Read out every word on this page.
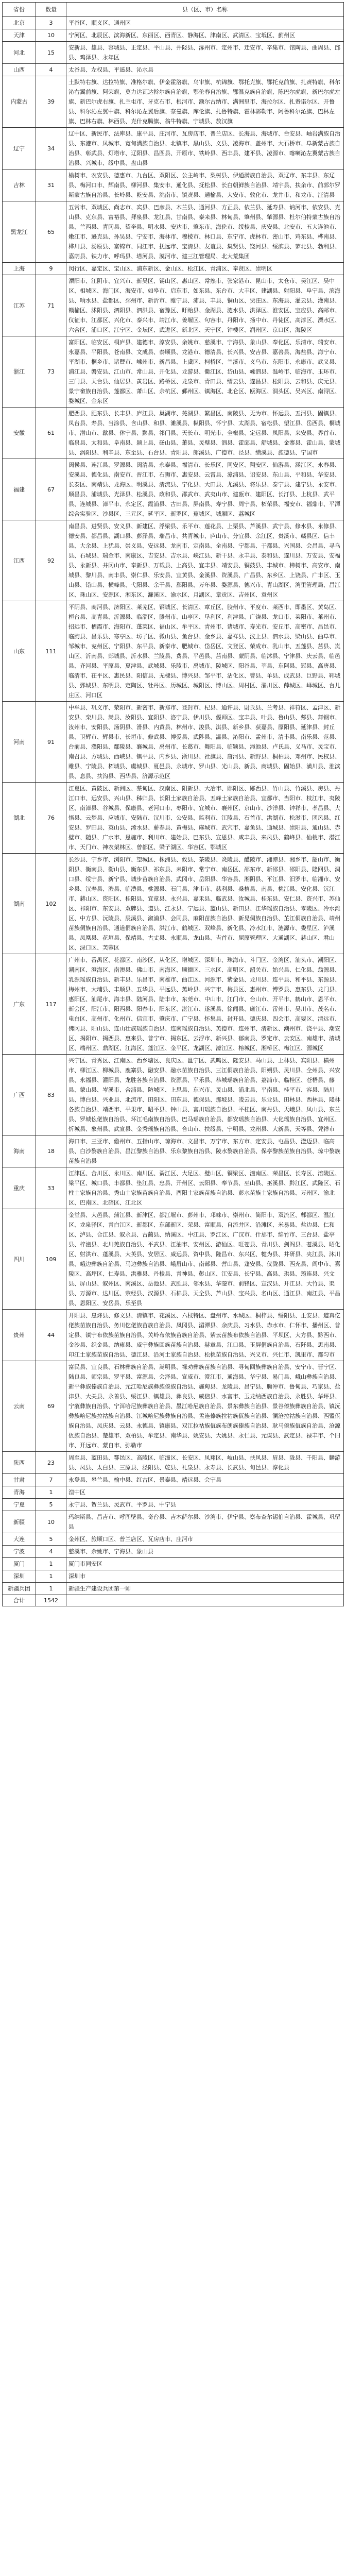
省份	数量	县（区、市）名称
北京	3	平谷区、顺义区、通州区
天津	10	宁河区、北辰区、滨海新区、东丽区、西青区、静海区、津南区、武清区、宝坻区、蓟州区
河北	15	安新县、雄县、容城县、正定县、平山县、井陉县、涿州市、定州市、迁安市、辛集市、馆陶县、曲周县、邱县、鸡泽县、永年区
山西	4	太谷县、左权县、平遥县、沁水县
内蒙古	39	土默特右旗、达拉特旗、准格尔旗、伊金霍洛旗、乌审旗、杭锦旗、鄂托克旗、鄂托克前旗、扎赉特旗、科尔沁右翼前旗、阿荣旗、莫力达瓦达斡尔族自治旗、鄂伦春自治旗、鄂温克族自治旗、陈巴尔虎旗、新巴尔虎左旗、新巴尔虎右旗、扎兰屯市、牙克石市、根河市、额尔古纳市、满洲里市、海拉尔区、扎赉诺尔区、开鲁县、科尔沁左翼中旗、科尔沁左翼后旗、奈曼旗、库伦旗、扎鲁特旗、霍林郭勒市、阿鲁科尔沁旗、巴林左旗、巴林右旗、林西县、克什克腾旗、翁牛特旗、宁城县、敖汉旗
辽宁	34	辽中区、新民市、法库县、康平县、庄河市、瓦房店市、普兰店区、长海县、海城市、台安县、岫岩满族自治县、东港市、凤城市、宽甸满族自治县、北镇市、黑山县、义县、凌海市、盖州市、大石桥市、阜新蒙古族自治县、彰武县、灯塔市、辽阳县、昌图县、开原市、铁岭县、西丰县、建平县、凌源市、喀喇沁左翼蒙古族自治县、兴城市、绥中县、盘山县
吉林	31	榆树市、农安县、德惠市、九台区、双阳区、公主岭市、梨树县、伊通满族自治县、双辽市、东丰县、东辽县、梅河口市、辉南县、柳河县、集安市、通化县、抚松县、长白朝鲜族自治县、靖宇县、扶余市、前郭尔罗斯蒙古族自治县、长岭县、乾安县、洮南市、镇赉县、通榆县、大安市、敦化市、龙井市、和龙市、汪清县
黑龙江	65	五常市、双城区、尚志市、宾县、巴彦县、木兰县、通河县、方正县、依兰县、延寿县、讷河市、依安县、克山县、克东县、富裕县、拜泉县、龙江县、甘南县、泰来县、林甸县、肇州县、肇源县、杜尔伯特蒙古族自治县、兰西县、青冈县、望奎县、明水县、安达市、肇东市、海伦市、绥棱县、庆安县、北安市、五大连池市、嫩江市、逊克县、孙吴县、宁安市、海林市、穆棱市、林口县、东宁市、虎林市、密山市、鸡东县、桦南县、桦川县、汤原县、富锦市、同江市、抚远市、宝清县、友谊县、集贤县、饶河县、绥滨县、萝北县、勃利县、嘉荫县、铁力市、呼玛县、塔河县、漠河市、建三江管理局、北大荒集团
上海	9	闵行区、嘉定区、宝山区、浦东新区、金山区、松江区、青浦区、奉贤区、崇明区
江苏	71	溧阳市、江阴市、宜兴市、新吴区、锡山区、惠山区、常熟市、张家港市、昆山市、太仓市、吴江区、吴中区、相城区、海门区、海安市、如皋市、启东市、如东县、东台市、大丰区、建湖县、射阳县、阜宁县、滨海县、响水县、盐都区、邳州市、新沂市、睢宁县、沛县、丰县、铜山区、贾汪区、东海县、灌云县、灌南县、赣榆区、沭阳县、泗阳县、泗洪县、宿豫区、盱眙县、金湖县、涟水县、洪泽区、淮安区、宝应县、高邮市、仪征市、江都区、兴化市、泰兴市、靖江市、姜堰区、句容市、丹阳市、扬中市、丹徒区、高淳区、溧水区、六合区、浦口区、江宁区、金坛区、武进区、新北区、天宁区、钟楼区、润州区、京口区、海陵区
浙江	73	富阳区、临安区、桐庐县、建德市、淳安县、余姚市、慈溪市、宁海县、象山县、奉化区、乐清市、瑞安市、永嘉县、平阳县、苍南县、文成县、泰顺县、龙港市、德清县、长兴县、安吉县、嘉善县、海盐县、海宁市、平湖市、桐乡市、诸暨市、嵊州市、新昌县、上虞区、柯桥区、兰溪市、义乌市、东阳市、永康市、武义县、浦江县、磐安县、江山市、常山县、开化县、龙游县、衢江区、岱山县、嵊泗县、温岭市、临海市、玉环市、三门县、天台县、仙居县、黄岩区、路桥区、龙泉市、青田县、缙云县、遂昌县、松阳县、云和县、庆元县、景宁畲族自治县、莲都区、萧山区、余杭区、鄞州区、镇海区、北仑区、瓯海区、洞头区、吴兴区、南浔区、婺城区、金东区
安徽	61	肥西县、肥东县、长丰县、庐江县、巢湖市、芜湖县、繁昌区、南陵县、无为市、怀远县、五河县、固镇县、凤台县、寿县、当涂县、含山县、和县、濉溪县、枞阳县、怀宁县、太湖县、宿松县、望江县、岳西县、桐城市、潜山市、歙县、休宁县、黟县、祁门县、天长市、明光市、全椒县、定远县、凤阳县、来安县、界首市、临泉县、太和县、阜南县、颍上县、砀山县、萧县、灵璧县、泗县、霍邱县、舒城县、金寨县、霍山县、蒙城县、涡阳县、利辛县、东至县、石台县、青阳县、郎溪县、广德市、泾县、绩溪县、旌德县、宁国市
福建	67	闽侯县、连江县、罗源县、闽清县、永泰县、福清市、长乐区、同安区、翔安区、仙游县、涵江区、永春县、安溪县、德化县、南安市、晋江市、石狮市、惠安县、云霄县、漳浦县、诏安县、东山县、平和县、华安县、长泰区、南靖县、龙海区、明溪县、清流县、宁化县、大田县、尤溪县、将乐县、泰宁县、建宁县、永安市、顺昌县、浦城县、光泽县、松溪县、政和县、邵武市、武夷山市、建瓯市、建阳区、长汀县、上杭县、武平县、连城县、漳平市、永定区、霞浦县、古田县、屏南县、寿宁县、周宁县、柘荣县、福安市、福鼎市、平潭综合实验区、沙县区、三元区、延平区、新罗区、蕉城区、城厢区、荔城区
江西	92	南昌县、进贤县、安义县、新建区、浮梁县、乐平市、莲花县、上栗县、芦溪县、武宁县、修水县、永修县、德安县、都昌县、湖口县、彭泽县、瑞昌市、共青城市、庐山市、分宜县、余江区、贵溪市、赣县区、信丰县、大余县、上犹县、崇义县、安远县、龙南市、定南县、全南县、宁都县、于都县、兴国县、会昌县、寻乌县、石城县、瑞金市、南康区、吉安县、吉水县、峡江县、新干县、永丰县、泰和县、遂川县、万安县、安福县、永新县、井冈山市、奉新县、万载县、上高县、宜丰县、靖安县、铜鼓县、丰城市、樟树市、高安市、南城县、黎川县、南丰县、崇仁县、乐安县、宜黄县、金溪县、资溪县、广昌县、东乡区、上饶县、广丰区、玉山县、铅山县、横峰县、弋阳县、余干县、鄱阳县、万年县、婺源县、德兴市、青山湖区、湾里管理局、昌江区、珠山区、安源区、湘东区、濂溪区、渝水区、月湖区、章贡区、吉州区、袁州区
山东	111	平阴县、商河县、济阳区、莱芜区、钢城区、长清区、章丘区、胶州市、平度市、莱西市、即墨区、黄岛区、桓台县、高青县、沂源县、临淄区、滕州市、山亭区、垦利区、利津县、广饶县、龙口市、莱阳市、莱州市、招远市、栖霞市、海阳市、蓬莱区、福山区、牟平区、青州市、诸城市、寿光市、安丘市、高密市、昌邑市、临朐县、昌乐县、寒亭区、坊子区、微山县、鱼台县、金乡县、嘉祥县、汶上县、泗水县、梁山县、曲阜市、邹城市、兖州区、宁阳县、东平县、新泰市、肥城市、岱岳区、文登区、荣成市、乳山市、五莲县、莒县、岚山区、沂南县、郯城县、沂水县、兰陵县、费县、平邑县、莒南县、蒙阴县、临沭县、宁津县、庆云县、临邑县、齐河县、平原县、夏津县、武城县、乐陵市、禹城市、陵城区、阳谷县、莘县、东阿县、冠县、高唐县、临清市、茌平区、惠民县、阳信县、无棣县、博兴县、邹平市、沾化区、曹县、单县、成武县、巨野县、郓城县、鄄城县、东明县、定陶区、牡丹区、历城区、城阳区、博山区、周村区、淄川区、薛城区、峄城区、台儿庄区、河口区
河南	91	中牟县、巩义市、荥阳市、新密市、新郑市、登封市、杞县、通许县、尉氏县、兰考县、祥符区、孟津区、新安县、栾川县、嵩县、汝阳县、宜阳县、洛宁县、伊川县、偃师区、宝丰县、叶县、鲁山县、郏县、舞钢市、汝州市、安阳县、汤阴县、滑县、内黄县、林州市、浚县、淇县、新乡县、获嘉县、原阳县、延津县、封丘县、卫辉市、辉县市、长垣市、修武县、博爱县、武陟县、温县、沁阳市、孟州市、清丰县、南乐县、范县、台前县、濮阳县、鄢陵县、襄城县、禹州市、长葛市、舞阳县、临颍县、渑池县、卢氏县、义马市、灵宝市、南召县、方城县、西峡县、镇平县、内乡县、淅川县、社旗县、唐河县、新野县、桐柏县、邓州市、民权县、睢县、宁陵县、柘城县、虞城县、夏邑县、永城市、罗山县、光山县、新县、商城县、固始县、潢川县、淮滨县、息县、扶沟县、西华县、济源示范区
湖北	76	江夏区、黄陂区、新洲区、蔡甸区、汉南区、阳新县、大冶市、郧阳区、郧西县、竹山县、竹溪县、房县、丹江口市、远安县、兴山县、秭归县、长阳土家族自治县、五峰土家族自治县、宜都市、当阳市、枝江市、夷陵区、南漳县、谷城县、保康县、老河口市、枣阳市、宜城市、襄州区、京山市、沙洋县、钟祥市、孝昌县、大悟县、云梦县、应城市、安陆市、汉川市、公安县、监利市、江陵县、石首市、洪湖市、松滋市、团风县、红安县、罗田县、英山县、浠水县、蕲春县、黄梅县、麻城市、武穴市、嘉鱼县、通城县、崇阳县、通山县、赤壁市、随县、广水市、恩施市、利川市、建始县、巴东县、宣恩县、咸丰县、来凤县、鹤峰县、仙桃市、潜江市、天门市、神农架林区、曾都区、梁子湖区、华容区、鄂城区
湖南	102	长沙县、宁乡市、浏阳市、望城区、株洲县、攸县、茶陵县、炎陵县、醴陵市、湘潭县、湘乡市、韶山市、衡阳县、衡南县、衡山县、衡东县、祁东县、耒阳市、常宁市、南岳区、邵东市、新邵县、邵阳县、隆回县、洞口县、绥宁县、新宁县、城步苗族自治县、武冈市、岳阳县、华容县、湘阴县、平江县、汨罗市、临湘市、安乡县、汉寿县、澧县、临澧县、桃源县、石门县、津市市、慈利县、桑植县、南县、桃江县、安化县、沅江市、赫山区、资阳区、桂阳县、宜章县、永兴县、嘉禾县、临武县、汝城县、桂东县、安仁县、资兴市、苏仙区、祁阳市、东安县、双牌县、道县、江永县、宁远县、蓝山县、新田县、江华瑶族自治县、零陵区、冷水滩区、中方县、沅陵县、辰溪县、溆浦县、会同县、麻阳苗族自治县、新晃侗族自治县、芷江侗族自治县、靖州苗族侗族自治县、通道侗族自治县、洪江市、鹤城区、双峰县、新化县、冷水江市、涟源市、娄星区、泸溪县、凤凰县、花垣县、保靖县、古丈县、永顺县、龙山县、吉首市、屈原管理区、大通湖区、赫山区、君山区、渌口区、芙蓉区
广东	117	广州市、番禺区、花都区、南沙区、从化区、增城区、深圳市、珠海市、斗门区、金湾区、汕头市、潮阳区、潮南区、澄海区、南澳县、佛山市、南海区、顺德区、三水区、高明区、韶关市、始兴县、仁化县、翁源县、乳源瑶族自治县、新丰县、乐昌市、南雄市、曲江区、河源市、紫金县、龙川县、连平县、和平县、东源县、梅州市、大埔县、丰顺县、五华县、平远县、蕉岭县、兴宁市、梅县区、惠州市、博罗县、惠东县、龙门县、惠阳区、汕尾市、海丰县、陆河县、陆丰市、东莞市、中山市、江门市、台山市、开平市、鹤山市、恩平市、新会区、阳江市、阳西县、阳春市、阳东区、湛江市、遂溪县、徐闻县、廉江市、雷州市、吴川市、茂名市、电白区、高州市、化州市、信宜市、肇庆市、广宁县、怀集县、封开县、德庆县、四会市、高要区、清远市、佛冈县、阳山县、连山壮族瑶族自治县、连南瑶族自治县、英德市、连州市、清新区、潮州市、饶平县、潮安区、揭阳市、揭西县、惠来县、普宁市、揭东区、云浮市、新兴县、郁南县、罗定市、云安区、南雄市、清城区、端州区、鼎湖区、江海区、蓬江区、金平区、龙湖区、濠江区、榕城区、湘桥区、梅江区、源城区
广西	83	兴宁区、青秀区、江南区、西乡塘区、良庆区、邕宁区、武鸣区、隆安县、马山县、上林县、宾阳县、横州市、柳江区、柳城县、鹿寨县、融安县、融水苗族自治县、三江侗族自治县、阳朔县、灵川县、全州县、兴安县、永福县、灌阳县、龙胜各族自治县、资源县、平乐县、恭城瑶族自治县、荔浦市、临桂区、苍梧县、藤县、蒙山县、岑溪市、合浦县、防城区、上思县、东兴市、灵山县、浦北县、平南县、桂平市、容县、陆川县、博白县、兴业县、北流市、田阳区、田东县、德保县、那坡县、凌云县、乐业县、田林县、西林县、隆林各族自治县、靖西市、平果市、昭平县、钟山县、富川瑶族自治县、平桂区、南丹县、天峨县、凤山县、东兰县、罗城仫佬族自治县、环江毛南族自治县、巴马瑶族自治县、都安瑶族自治县、大化瑶族自治县、宜州区、忻城县、象州县、武宣县、金秀瑶族自治县、合山市、扶绥县、宁明县、龙州县、大新县、天等县、凭祥市
海南	18	海口市、三亚市、儋州市、五指山市、琼海市、文昌市、万宁市、东方市、定安县、屯昌县、澄迈县、临高县、白沙黎族自治县、昌江黎族自治县、乐东黎族自治县、陵水黎族自治县、保亭黎族苗族自治县、琼中黎族苗族自治县
重庆	33	江津区、合川区、永川区、南川区、綦江区、大足区、璧山区、铜梁区、潼南区、荣昌区、长寿区、涪陵区、梁平区、城口县、丰都县、垫江县、忠县、开州区、云阳县、奉节县、巫山县、巫溪县、黔江区、武隆区、石柱土家族自治县、秀山土家族苗族自治县、酉阳土家族苗族自治县、彭水苗族土家族自治县、万州区、渝北区、巴南区、北碚区、江北区
四川	109	金堂县、大邑县、蒲江县、新津区、都江堰市、彭州市、邛崃市、崇州市、简阳市、双流区、郫都区、温江区、龙泉驿区、青白江区、新都区、东部新区、荣县、富顺县、自流井区、沿滩区、米易县、盐边县、仁和区、泸县、合江县、叙永县、古蔺县、纳溪区、中江县、罗江区、广汉市、什邡市、绵竹市、三台县、盐亭县、梓潼县、北川羌族自治县、平武县、江油市、安州区、游仙区、旺苍县、青川县、剑阁县、苍溪县、昭化区、射洪市、蓬溪县、大英县、安居区、威远县、资中县、隆昌市、东兴区、犍为县、井研县、夹江县、沐川县、峨边彝族自治县、马边彝族自治县、峨眉山市、南部县、营山县、蓬安县、仪陇县、西充县、阆中市、嘉陵区、高坪区、仁寿县、洪雅县、丹棱县、青神县、彭山区、江安县、长宁县、高县、珙县、筠连县、兴文县、屏山县、叙州区、南溪区、岳池县、武胜县、邻水县、华蓥市、前锋区、宣汉县、开江县、大竹县、渠县、万源市、达川区、荥经县、汉源县、石棉县、天全县、芦山县、宝兴县、名山区、通江县、南江县、平昌县、恩阳区、安岳县、乐至县
贵州	44	开阳县、息烽县、修文县、清镇市、花溪区、六枝特区、盘州市、水城区、桐梓县、绥阳县、正安县、道真仡佬族苗族自治县、务川仡佬族苗族自治县、凤冈县、湄潭县、余庆县、习水县、赤水市、仁怀市、播州区、普定县、镇宁布依族苗族自治县、关岭布依族苗族自治县、紫云苗族布依族自治县、平坝区、大方县、黔西市、金沙县、织金县、纳雍县、威宁彝族回族苗族自治县、赫章县、江口县、玉屏侗族自治县、石阡县、思南县、印江土家族苗族自治县、德江县、沿河土家族自治县、松桃苗族自治县、兴义市、兴仁市、凯里市、都匀市
云南	69	富民县、宜良县、石林彝族自治县、嵩明县、禄劝彝族苗族自治县、寻甸回族彝族自治县、安宁市、晋宁区、陆良县、师宗县、罗平县、富源县、会泽县、宣威市、澄江市、通海县、华宁县、易门县、峨山彝族自治县、新平彝族傣族自治县、元江哈尼族彝族傣族自治县、施甸县、龙陵县、昌宁县、腾冲市、鲁甸县、巧家县、盐津县、大关县、永善县、绥江县、镇雄县、彝良县、威信县、水富市、玉龙纳西族自治县、永胜县、华坪县、宁蒗彝族自治县、宁洱哈尼族彝族自治县、墨江哈尼族自治县、景东彝族自治县、景谷傣族彝族自治县、镇沅彝族哈尼族拉祜族自治县、江城哈尼族彝族自治县、孟连傣族拉祜族佤族自治县、澜沧拉祜族自治县、西盟佤族自治县、凤庆县、云县、永德县、镇康县、双江拉祜族佤族布朗族傣族自治县、耿马傣族佤族自治县、沧源佤族自治县、楚雄市、双柏县、牟定县、南华县、姚安县、大姚县、永仁县、元谋县、武定县、禄丰市、个旧市、开远市、蒙自市、弥勒市
陕西	23	周至县、蓝田县、鄠邑区、高陵区、临潼区、长安区、凤翔区、岐山县、扶风县、眉县、陇县、千阳县、麟游县、凤县、太白县、三原县、泾阳县、乾县、礼泉县、永寿县、长武县、旬邑县、淳化县
甘肃	7	永登县、皋兰县、榆中县、红古区、景泰县、靖远县、会宁县
青海	1	湟中区
宁夏	5	永宁县、贺兰县、灵武市、平罗县、中宁县
新疆	10	玛纳斯县、昌吉市、呼图壁县、奇台县、吉木萨尔县、沙湾市、伊宁县、察布查尔锡伯自治县、霍城县、巩留县
大连	5	金州区、旅顺口区、普兰店区、瓦房店市、庄河市
宁波	4	慈溪市、余姚市、宁海县、象山县
厦门	1	厦门市同安区
深圳	1	深圳市
新疆兵团	1	新疆生产建设兵团第一师
合计	1542	
